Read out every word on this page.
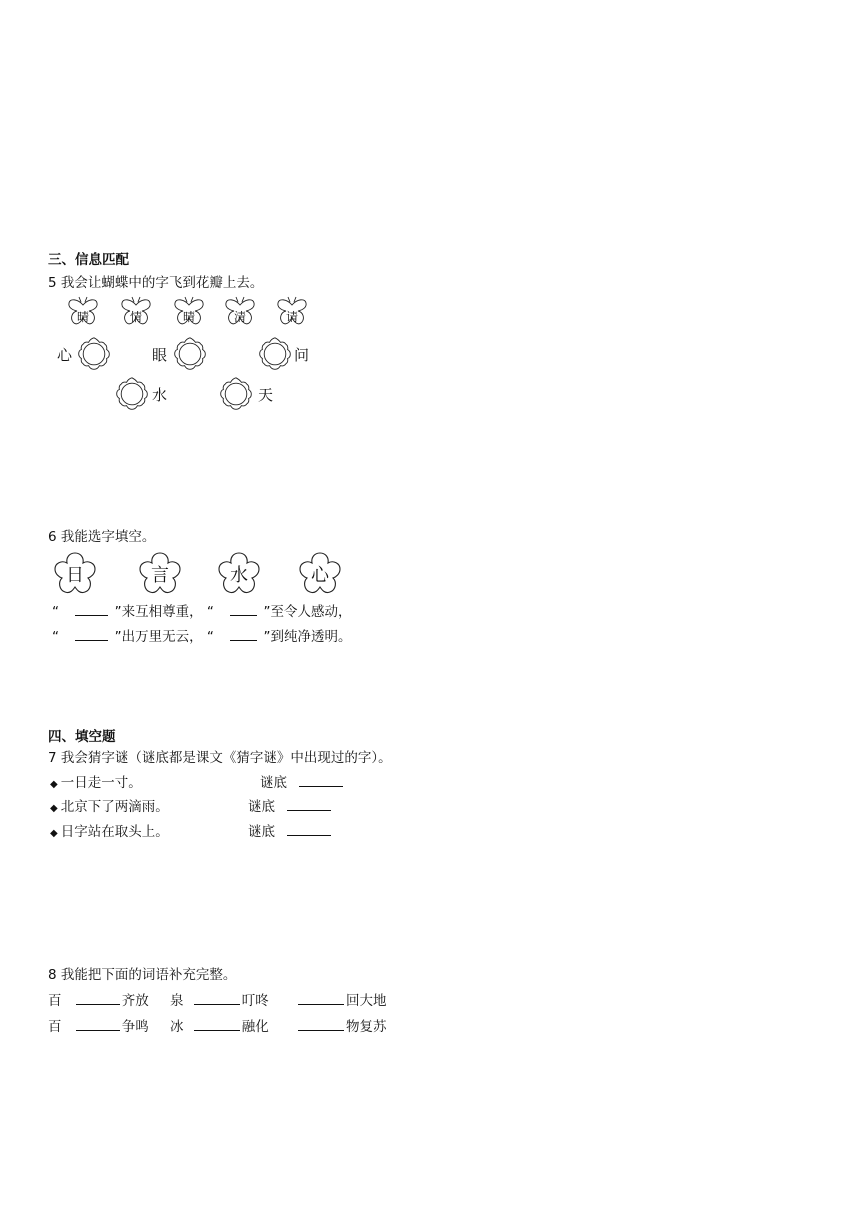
三、信息匹配
5 我会让蝴蝶中的字飞到花瓣上去。
晴	情	晴	清	请
心	眼	问
水	天
6 我能选字填空。
日	言	水	心
“	”来互相尊重， “	”至令人感动，
“	”出万里无云， “	”到纯净透明。
四、填空题
7 我会猜字谜（谜底都是课文《猜字谜》中出现过的字）。
◆ 一日走一寸。	谜底
◆ 北京下了两滴雨。	谜底
◆ 日字站在取头上。	谜底
8 我能把下面的词语补充完整。
百	齐放 泉	叮咚	回大地
百	争鸣 冰	融化	物复苏
